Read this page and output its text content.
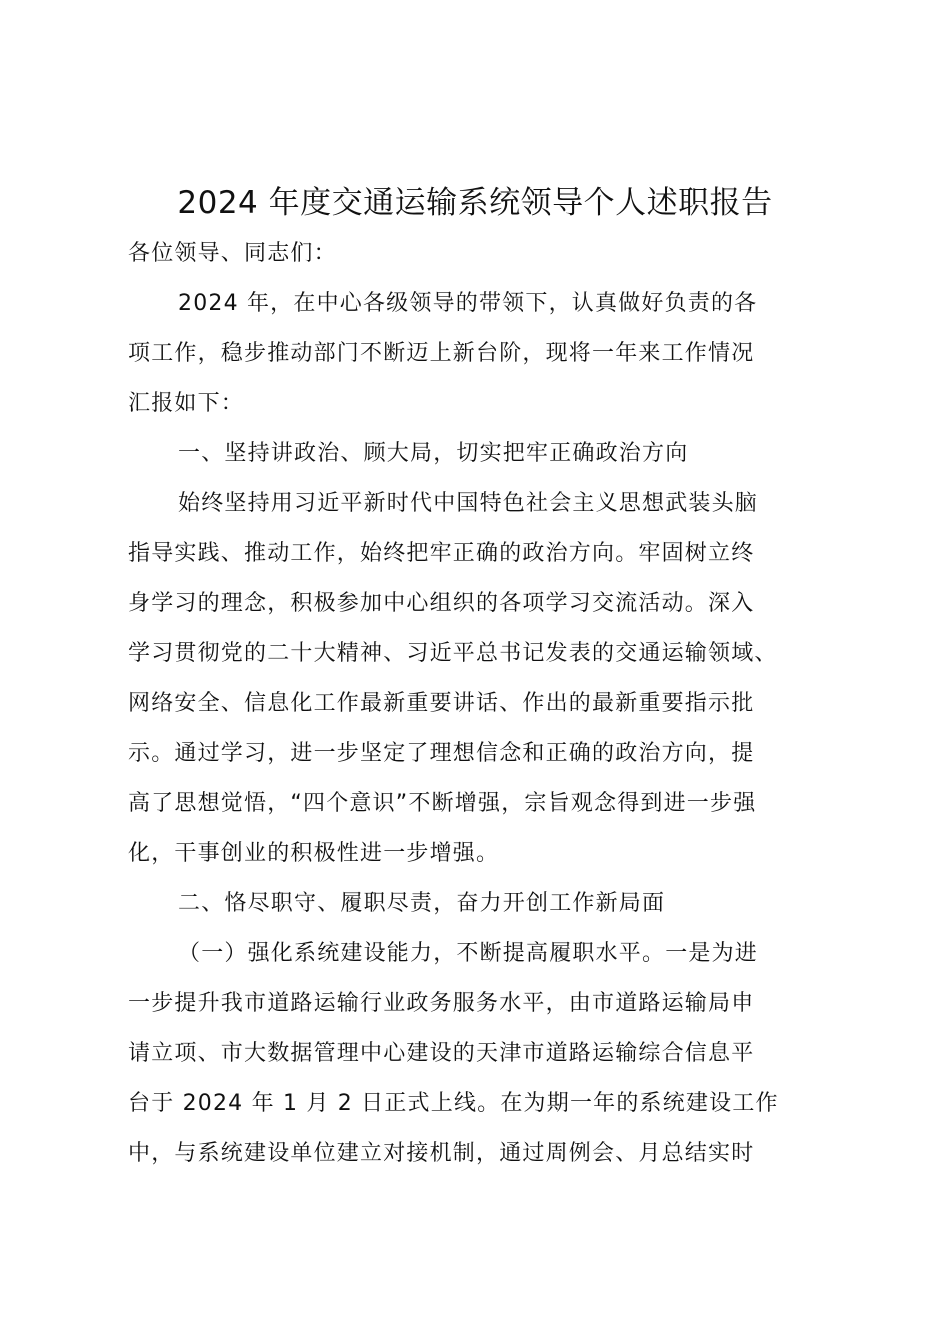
2024 年度交通运输系统领导个人述职报告
各位领导、同志们：
2024 年，在中心各级领导的带领下，认真做好负责的各
项工作，稳步推动部门不断迈上新台阶，现将一年来工作情况
汇报如下：
一、坚持讲政治、顾大局，切实把牢正确政治方向
始终坚持用习近平新时代中国特色社会主义思想武装头脑
指导实践、推动工作，始终把牢正确的政治方向。牢固树立终
身学习的理念，积极参加中心组织的各项学习交流活动。深入
学习贯彻党的二十大精神、习近平总书记发表的交通运输领域、
网络安全、信息化工作最新重要讲话、作出的最新重要指示批
示。通过学习，进一步坚定了理想信念和正确的政治方向，提
高了思想觉悟，“四个意识”不断增强，宗旨观念得到进一步强
化，干事创业的积极性进一步增强。
二、恪尽职守、履职尽责，奋力开创工作新局面
（一）强化系统建设能力，不断提高履职水平。一是为进
一步提升我市道路运输行业政务服务水平，由市道路运输局申
请立项、市大数据管理中心建设的天津市道路运输综合信息平
台于 2024 年 1 月 2 日正式上线。在为期一年的系统建设工作
中，与系统建设单位建立对接机制，通过周例会、月总结实时
